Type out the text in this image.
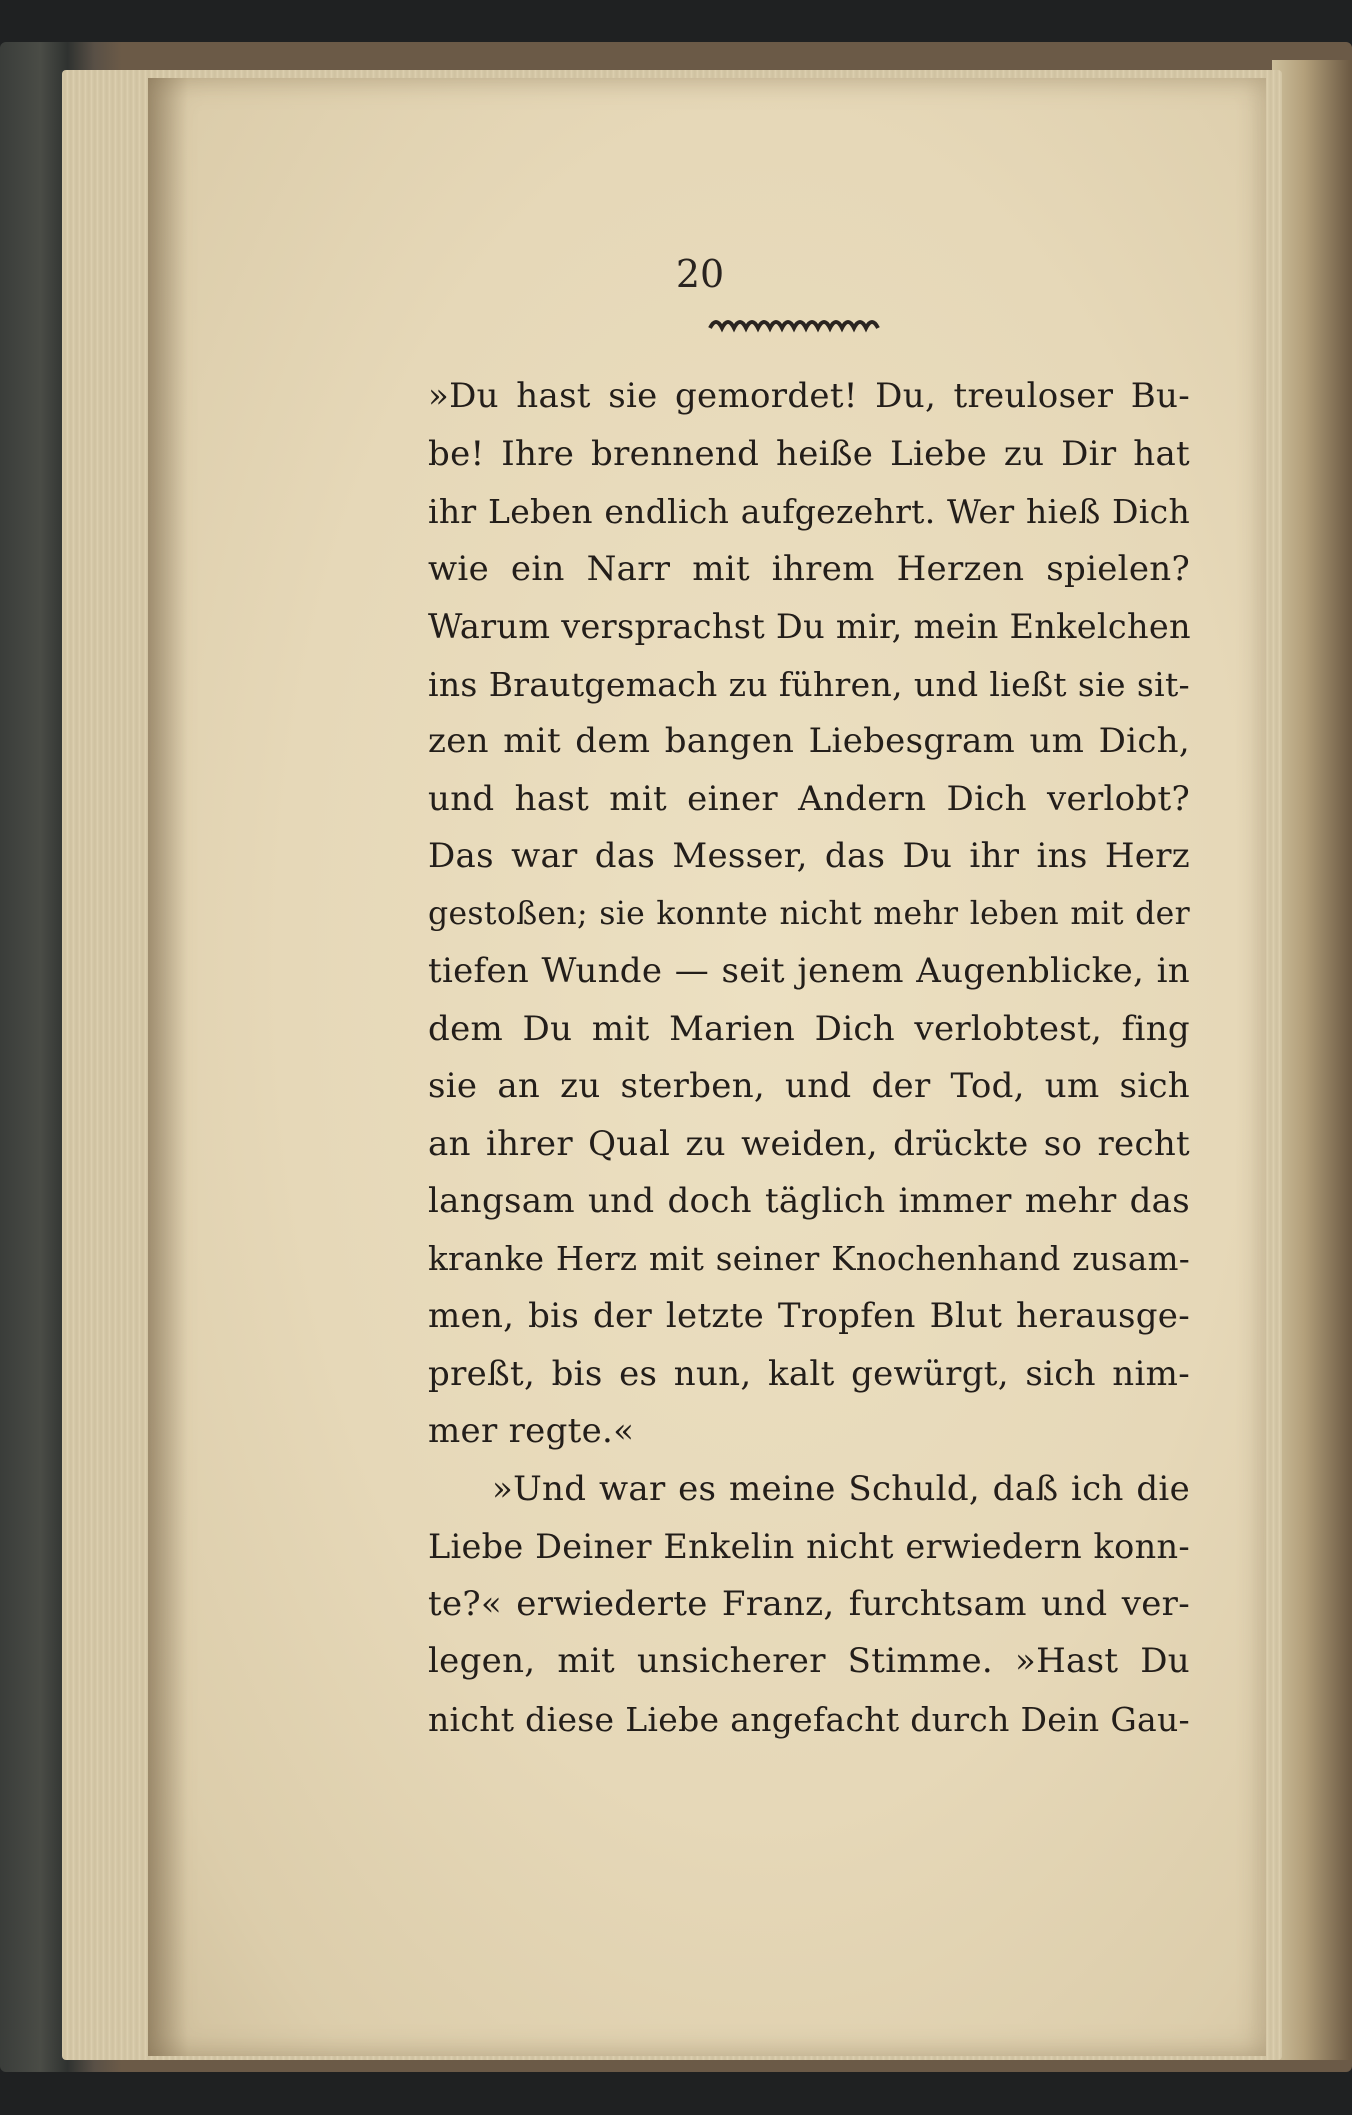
20
»Du hast sie gemordet! Du, treuloser Bu-
be! Ihre brennend heiße Liebe zu Dir hat
ihr Leben endlich aufgezehrt. Wer hieß Dich
wie ein Narr mit ihrem Herzen spielen?
Warum versprachst Du mir, mein Enkelchen
ins Brautgemach zu führen, und ließt sie sit-
zen mit dem bangen Liebesgram um Dich,
und hast mit einer Andern Dich verlobt?
Das war das Messer, das Du ihr ins Herz
gestoßen; sie konnte nicht mehr leben mit der
tiefen Wunde — seit jenem Augenblicke, in
dem Du mit Marien Dich verlobtest, fing
sie an zu sterben, und der Tod, um sich
an ihrer Qual zu weiden, drückte so recht
langsam und doch täglich immer mehr das
kranke Herz mit seiner Knochenhand zusam-
men, bis der letzte Tropfen Blut herausge-
preßt, bis es nun, kalt gewürgt, sich nim-
mer regte.«
»Und war es meine Schuld, daß ich die
Liebe Deiner Enkelin nicht erwiedern konn-
te?« erwiederte Franz, furchtsam und ver-
legen, mit unsicherer Stimme. »Hast Du
nicht diese Liebe angefacht durch Dein Gau-
